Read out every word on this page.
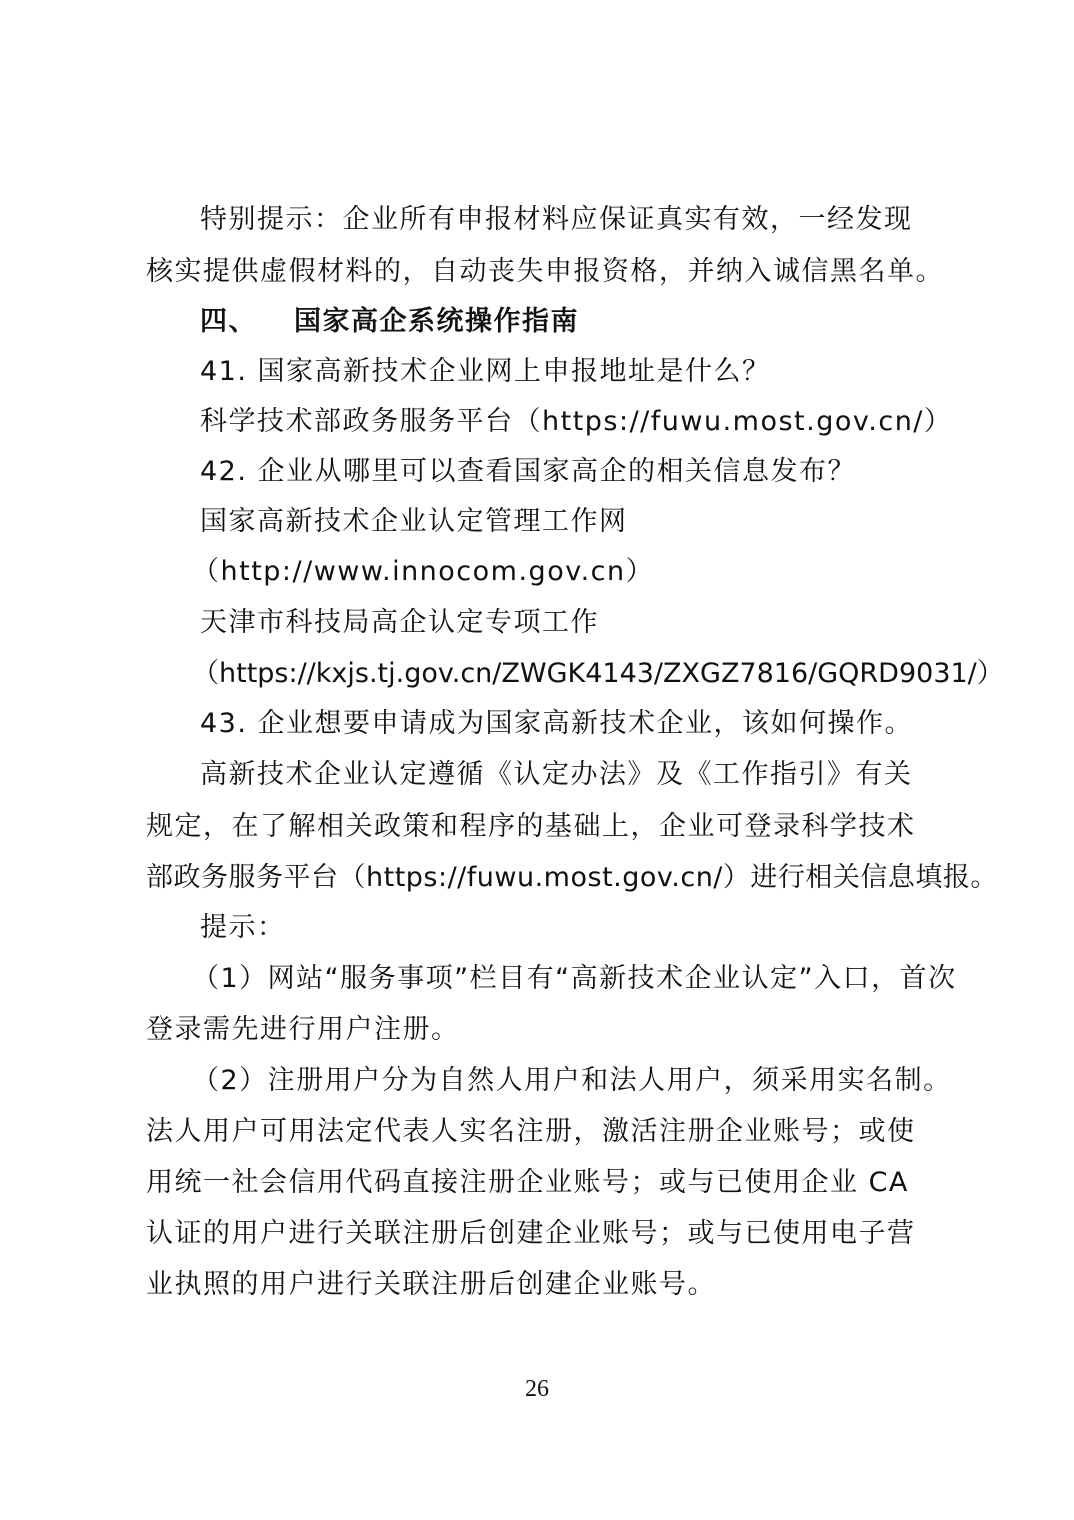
特别提示：企业所有申报材料应保证真实有效，一经发现
核实提供虚假材料的，自动丧失申报资格，并纳入诚信黑名单。
四、 国家高企系统操作指南
41. 国家高新技术企业网上申报地址是什么？
科学技术部政务服务平台（https://fuwu.most.gov.cn/）
42. 企业从哪里可以查看国家高企的相关信息发布？
国家高新技术企业认定管理工作网
（http://www.innocom.gov.cn）
天津市科技局高企认定专项工作
（https://kxjs.tj.gov.cn/ZWGK4143/ZXGZ7816/GQRD9031/）
43. 企业想要申请成为国家高新技术企业，该如何操作。
高新技术企业认定遵循《认定办法》及《工作指引》有关
规定，在了解相关政策和程序的基础上，企业可登录科学技术
部政务服务平台（https://fuwu.most.gov.cn/）进行相关信息填报。
提示：
（1）网站“服务事项”栏目有“高新技术企业认定”入口，首次
登录需先进行用户注册。
（2）注册用户分为自然人用户和法人用户，须采用实名制。
法人用户可用法定代表人实名注册，激活注册企业账号；或使
用统一社会信用代码直接注册企业账号；或与已使用企业 CA
认证的用户进行关联注册后创建企业账号；或与已使用电子营
业执照的用户进行关联注册后创建企业账号。
26
